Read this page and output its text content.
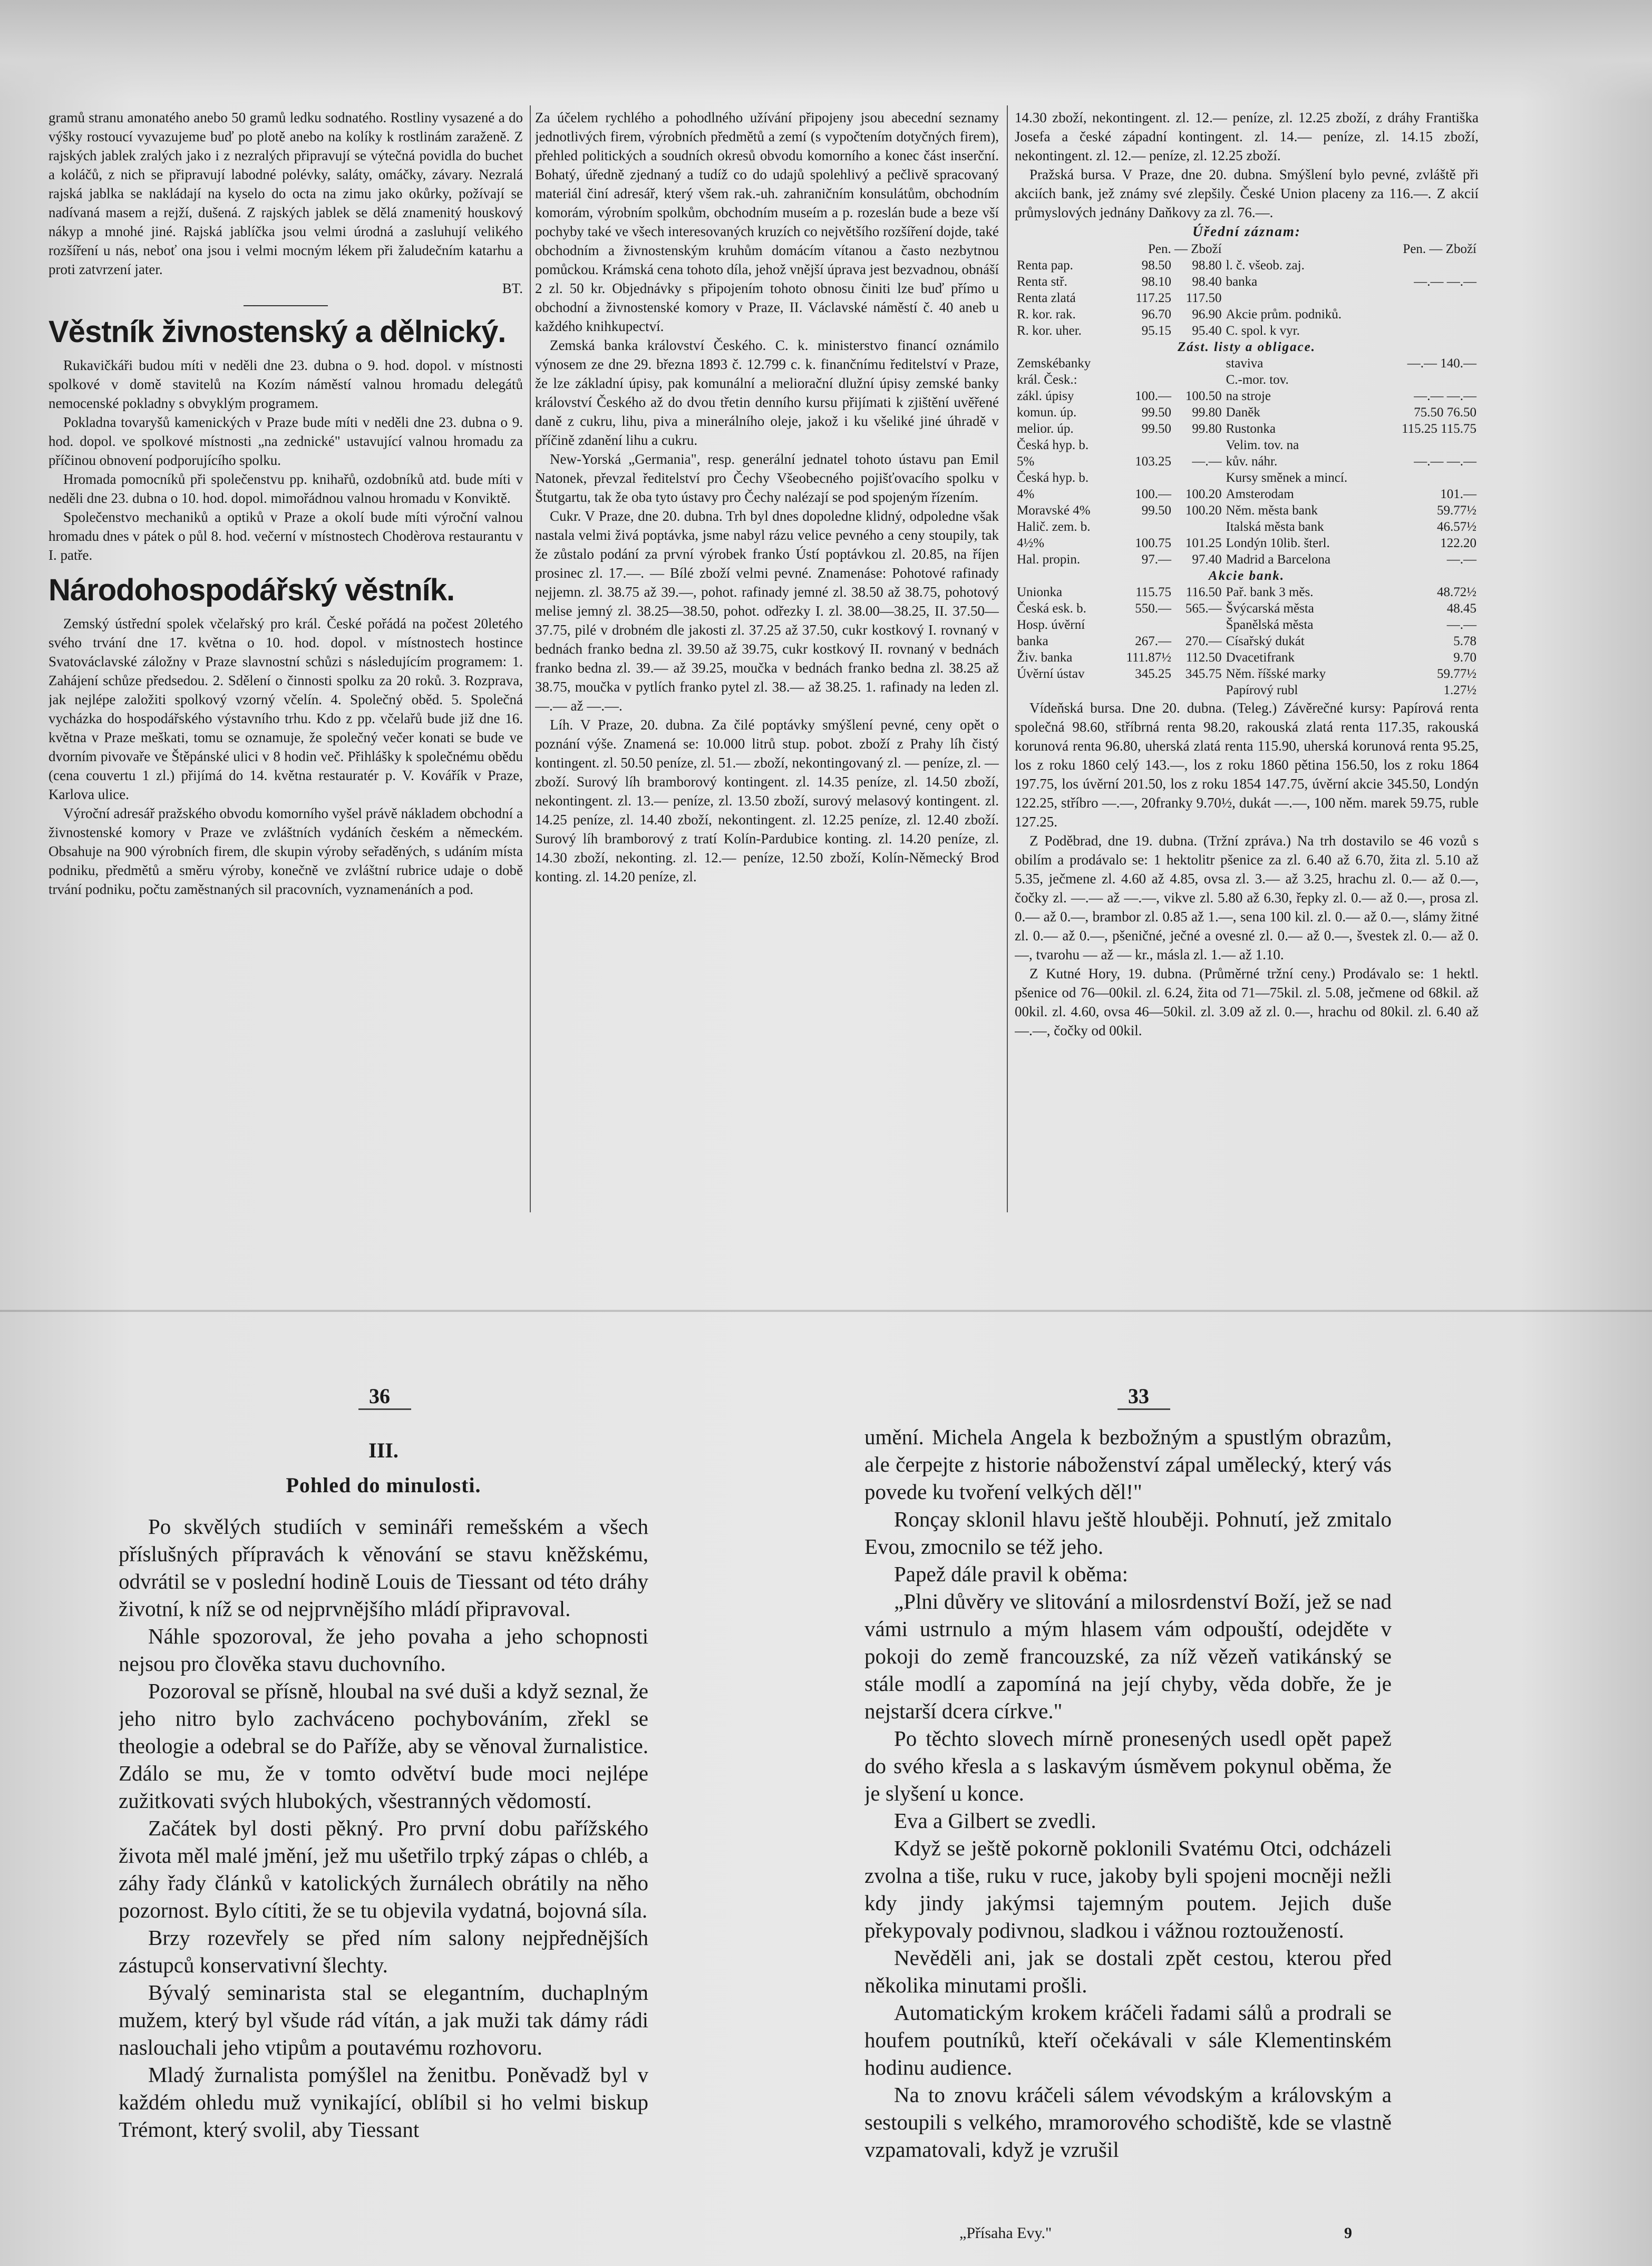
gramů stranu amonatého anebo 50 gramů ledku sodnatého. Rostliny vysazené a do výšky rostoucí vyvazujeme buď po plotě anebo na kolíky k rostlinám zaraženě. Z rajských jablek zralých jako i z nezralých připravují se výtečná povidla do buchet a koláčů, z nich se připravují labodné polévky, saláty, omáčky, závary. Nezralá rajská jablka se nakládají na kyselo do octa na zimu jako okůrky, požívají se nadívaná masem a rejží, dušená. Z rajských jablek se dělá znamenitý houskový nákyp a mnohé jiné. Rajská jablíčka jsou velmi úrodná a zasluhují velikého rozšíření u nás, neboť ona jsou i velmi mocným lékem při žaludečním katarhu a proti zatvrzení jater.

BT.
Věstník živnostenský a dělnický.

Rukavičkáři budou míti v neděli dne 23. dubna o 9. hod. dopol. v místnosti spolkové v domě stavitelů na Kozím náměstí valnou hromadu delegátů nemocenské pokladny s obvyklým programem.

Pokladna tovaryšů kamenických v Praze bude míti v neděli dne 23. dubna o 9. hod. dopol. ve spolkové místnosti „na zednické" ustavující valnou hromadu za příčinou obnovení podporujícího spolku.

Hromada pomocníků při společenstvu pp. knihařů, ozdobníků atd. bude míti v neděli dne 23. dubna o 10. hod. dopol. mimořádnou valnou hromadu v Konviktě.

Společenstvo mechaniků a optiků v Praze a okolí bude míti výroční valnou hromadu dnes v pátek o půl 8. hod. večerní v místnostech Chodèrova restaurantu v I. patře.

Národohospodářský věstník.

Zemský ústřední spolek včelařský pro král. České pořádá na počest 20letého svého trvání dne 17. května o 10. hod. dopol. v místnostech hostince Svatováclavské záložny v Praze slavnostní schůzi s následujícím programem: 1. Zahájení schůze předsedou. 2. Sdělení o činnosti spolku za 20 roků. 3. Rozprava, jak nejlépe založiti spolkový vzorný včelín. 4. Společný oběd. 5. Společná vycházka do hospodářského výstavního trhu. Kdo z pp. včelařů bude již dne 16. května v Praze meškati, tomu se oznamuje, že společný večer konati se bude ve dvorním pivovaře ve Štěpánské ulici v 8 hodin več. Přihlášky k společnému obědu (cena couvertu 1 zl.) přijímá do 14. května restauratér p. V. Kovářík v Praze, Karlova ulice.

Výroční adresář pražského obvodu komorního vyšel právě nákladem obchodní a živnostenské komory v Praze ve zvláštních vydáních českém a německém. Obsahuje na 900 výrobních firem, dle skupin výroby seřaděných, s udáním místa podniku, předmětů a směru výroby, konečně ve zvláštní rubrice udaje o době trvání podniku, počtu zaměstnaných sil pracovních, vyznamenáních a pod.

Za účelem rychlého a pohodlného užívání připojeny jsou abecední seznamy jednotlivých firem, výrobních předmětů a zemí (s vypočtením dotyčných firem), přehled politických a soudních okresů obvodu komorního a konec část inserční. Bohatý, úředně zjednaný a tudíž co do udajů spolehlivý a pečlivě spracovaný materiál činí adresář, který všem rak.-uh. zahraničním konsulátům, obchodním komorám, výrobním spolkům, obchodním museím a p. rozeslán bude a beze vší pochyby také ve všech interesovaných kruzích co největšího rozšíření dojde, také obchodním a živnostenským kruhům domácím vítanou a často nezbytnou pomůckou. Krámská cena tohoto díla, jehož vnější úprava jest bezvadnou, obnáší 2 zl. 50 kr. Objednávky s připojením tohoto obnosu činiti lze buď přímo u obchodní a živnostenské komory v Praze, II. Václavské náměstí č. 40 aneb u každého knihkupectví.

Zemská banka království Českého. C. k. ministerstvo financí oznámilo výnosem ze dne 29. března 1893 č. 12.799 c. k. finančnímu ředitelství v Praze, že lze základní úpisy, pak komunální a meliorační dlužní úpisy zemské banky království Českého až do dvou třetin denního kursu přijímati k zjištění uvěřené daně z cukru, lihu, piva a minerálního oleje, jakož i ku všeliké jiné úhradě v příčině zdanění lihu a cukru.

New-Yorská „Germania", resp. generální jednatel tohoto ústavu pan Emil Natonek, převzal ředitelství pro Čechy Všeobecného pojišťovacího spolku v Štutgartu, tak že oba tyto ústavy pro Čechy nalézají se pod spojeným řízením.

Cukr. V Praze, dne 20. dubna. Trh byl dnes dopoledne klidný, odpoledne však nastala velmi živá poptávka, jsme nabyl rázu velice pevného a ceny stoupily, tak že zůstalo podání za první výrobek franko Ústí poptávkou zl. 20.85, na říjen prosinec zl. 17.—. — Bílé zboží velmi pevné. Znamenáse: Pohotové rafinady nejjemn. zl. 38.75 až 39.—, pohot. rafinady jemné zl. 38.50 až 38.75, pohotový melise jemný zl. 38.25—38.50, pohot. odřezky I. zl. 38.00—38.25, II. 37.50—37.75, pilé v drobném dle jakosti zl. 37.25 až 37.50, cukr kostkový I. rovnaný v bednách franko bedna zl. 39.50 až 39.75, cukr kostkový II. rovnaný v bednách franko bedna zl. 39.— až 39.25, moučka v bednách franko bedna zl. 38.25 až 38.75, moučka v pytlích franko pytel zl. 38.— až 38.25. 1. rafinady na leden zl. —.— až —.—.

Líh. V Praze, 20. dubna. Za čilé poptávky smýšlení pevné, ceny opět o poznání výše. Znamená se: 10.000 litrů stup. pobot. zboží z Prahy líh čistý kontingent. zl. 50.50 peníze, zl. 51.— zboží, nekontingovaný zl. — peníze, zl. — zboží. Surový líh bramborový kontingent. zl. 14.35 peníze, zl. 14.50 zboží, nekontingent. zl. 13.— peníze, zl. 13.50 zboží, surový melasový kontingent. zl. 14.25 peníze, zl. 14.40 zboží, nekontingent. zl. 12.25 peníze, zl. 12.40 zboží. Surový líh bramborový z tratí Kolín-Pardubice konting. zl. 14.20 peníze, zl. 14.30 zboží, nekonting. zl. 12.— peníze, 12.50 zboží, Kolín-Německý Brod konting. zl. 14.20 peníze, zl.

14.30 zboží, nekontingent. zl. 12.— peníze, zl. 12.25 zboží, z dráhy Františka Josefa a české západní kontingent. zl. 14.— peníze, zl. 14.15 zboží, nekontingent. zl. 12.— peníze, zl. 12.25 zboží.

Pražská bursa. V Praze, dne 20. dubna. Smýšlení bylo pevné, zvláště při akciích bank, jež známy své zlepšily. České Union placeny za 116.—. Z akcií průmyslových jednány Daňkovy za zl. 76.—.

Úřední záznam:
	Pen. — Zboží			Pen. — Zboží
Renta pap.	98.50	98.80	l. č. všeob. zaj.	
Renta stř.	98.10	98.40	banka	—.— —.—
Renta zlatá	117.25	117.50		
R. kor. rak.	96.70	96.90	Akcie prům. podniků.	
R. kor. uher.	95.15	95.40	C. spol. k vyr.	
Zást. listy a obligace.				
Zemskébanky			stavivа	—.— 140.—
král. Česk.:			C.-mor. tov.	
zákl. úpisy	100.—	100.50	na stroje	—.— —.—
komun. úp.	99.50	99.80	Daněk	75.50 76.50
melior. úp.	99.50	99.80	Rustonka	115.25 115.75
Česká hyp. b.			Velim. tov. na	
5%	103.25	—.—	kův. náhr.	—.— —.—
Česká hyp. b.			Kursy směnek a mincí.	
4%	100.—	100.20	Amsterodam	101.—
Moravské 4%	99.50	100.20	Něm. města bank	59.77½
Halič. zem. b.			Italská města bank	46.57½
4½%	100.75	101.25	Londýn 10lib. šterl.	122.20
Hal. propin.	97.—	97.40	Madrid a Barcelona	—.—
Akcie bank.				
Unionka	115.75	116.50	Pař. bank 3 měs.	48.72½
Česká esk. b.	550.—	565.—	Švýcarská města	48.45
Hosp. úvěrní			Španělská města	—.—
banka	267.—	270.—	Císařský dukát	5.78
Živ. banka	111.87½	112.50	Dvacetifrank	9.70
Úvěrní ústav	345.25	345.75	Něm. říšské marky	59.77½
			Papírový rubl	1.27½

Vídeňská bursa. Dne 20. dubna. (Teleg.) Závěrečné kursy: Papírová renta společná 98.60, stříbrná renta 98.20, rakouská zlatá renta 117.35, rakouská korunová renta 96.80, uherská zlatá renta 115.90, uherská korunová renta 95.25, los z roku 1860 celý 143.—, los z roku 1860 pětina 156.50, los z roku 1864 197.75, los úvěrní 201.50, los z roku 1854 147.75, úvěrní akcie 345.50, Londýn 122.25, stříbro —.—, 20franky 9.70½, dukát —.—, 100 něm. marek 59.75, ruble 127.25.

Z Poděbrad, dne 19. dubna. (Tržní zpráva.) Na trh dostavilo se 46 vozů s obilím a prodávalo se: 1 hektolitr pšenice za zl. 6.40 až 6.70, žita zl. 5.10 až 5.35, ječmene zl. 4.60 až 4.85, ovsa zl. 3.— až 3.25, hrachu zl. 0.— až 0.—, čočky zl. —.— až —.—, vikve zl. 5.80 až 6.30, řepky zl. 0.— až 0.—, prosa zl. 0.— až 0.—, brambor zl. 0.85 až 1.—, sena 100 kil. zl. 0.— až 0.—, slámy žitné zl. 0.— až 0.—, pšeničné, ječné a ovesné zl. 0.— až 0.—, švestek zl. 0.— až 0.—, tvarohu — až — kr., másla zl. 1.— až 1.10.

Z Kutné Hory, 19. dubna. (Průměrné tržní ceny.) Prodávalo se: 1 hektl. pšenice od 76—00kil. zl. 6.24, žita od 71—75kil. zl. 5.08, ječmene od 68kil. až 00kil. zl. 4.60, ovsa 46—50kil. zl. 3.09 až zl. 0.—, hrachu od 80kil. zl. 6.40 až —.—, čočky od 00kil.

36	33
III.
Pohled do minulosti.

Po skvělých studiích v semináři remešském a všech příslušných přípravách k věnování se stavu kněžskému, odvrátil se v poslední hodině Louis de Tiessant od této dráhy životní, k níž se od nejprvnějšího mládí připravoval.

Náhle spozoroval, že jeho povaha a jeho schopnosti nejsou pro člověka stavu duchovního.

Pozoroval se přísně, hloubal na své duši a když seznal, že jeho nitro bylo zachváceno pochybováním, zřekl se theologie a odebral se do Paříže, aby se věnoval žurnalistice. Zdálo se mu, že v tomto odvětví bude moci nejlépe zužitkovati svých hlubokých, všestranných vědomostí.

Začátek byl dosti pěkný. Pro první dobu pařížského života měl malé jmění, jež mu ušetřilo trpký zápas o chléb, a záhy řady článků v katolických žurnálech obrátily na něho pozornost. Bylo cítiti, že se tu objevila vydatná, bojovná síla.

Brzy rozevřely se před ním salony nejpřednějších zástupců konservativní šlechty.

Bývalý seminarista stal se elegantním, duchaplným mužem, který byl všude rád vítán, a jak muži tak dámy rádi naslouchali jeho vtipům a poutavému rozhovoru.

Mladý žurnalista pomýšlel na ženitbu. Poněvadž byl v každém ohledu muž vynikající, oblíbil si ho velmi biskup Trémont, který svolil, aby Tiessant

umění. Michela Angela k bezbožným a spustlým obrazům, ale čerpejte z historie náboženství zápal umělecký, který vás povede ku tvoření velkých děl!"

Ronçay sklonil hlavu ještě hlouběji. Pohnutí, jež zmitalo Evou, zmocnilo se též jeho.

Papež dále pravil k oběma:

„Plni důvěry ve slitování a milosrdenství Boží, jež se nad vámi ustrnulo a mým hlasem vám odpouští, odejděte v pokoji do země francouzské, za níž vězeň vatikánský se stále modlí a zapomíná na její chyby, věda dobře, že je nejstarší dcera církve."

Po těchto slovech mírně pronesených usedl opět papež do svého křesla a s laskavým úsměvem pokynul oběma, že je slyšení u konce.

Eva a Gilbert se zvedli.

Když se ještě pokorně poklonili Svatému Otci, odcházeli zvolna a tiše, ruku v ruce, jakoby byli spojeni mocněji nežli kdy jindy jakýmsi tajemným poutem. Jejich duše překypovaly podivnou, sladkou i vážnou roztoužeností.

Nevěděli ani, jak se dostali zpět cestou, kterou před několika minutami prošli.

Automatickým krokem kráčeli řadami sálů a prodrali se houfem poutníků, kteří očekávali v sále Klementinském hodinu audience.

Na to znovu kráčeli sálem vévodským a královským a sestoupili s velkého, mramorového schodiště, kde se vlastně vzpamatovali, když je vzrušil

„Přísaha Evy."	9
